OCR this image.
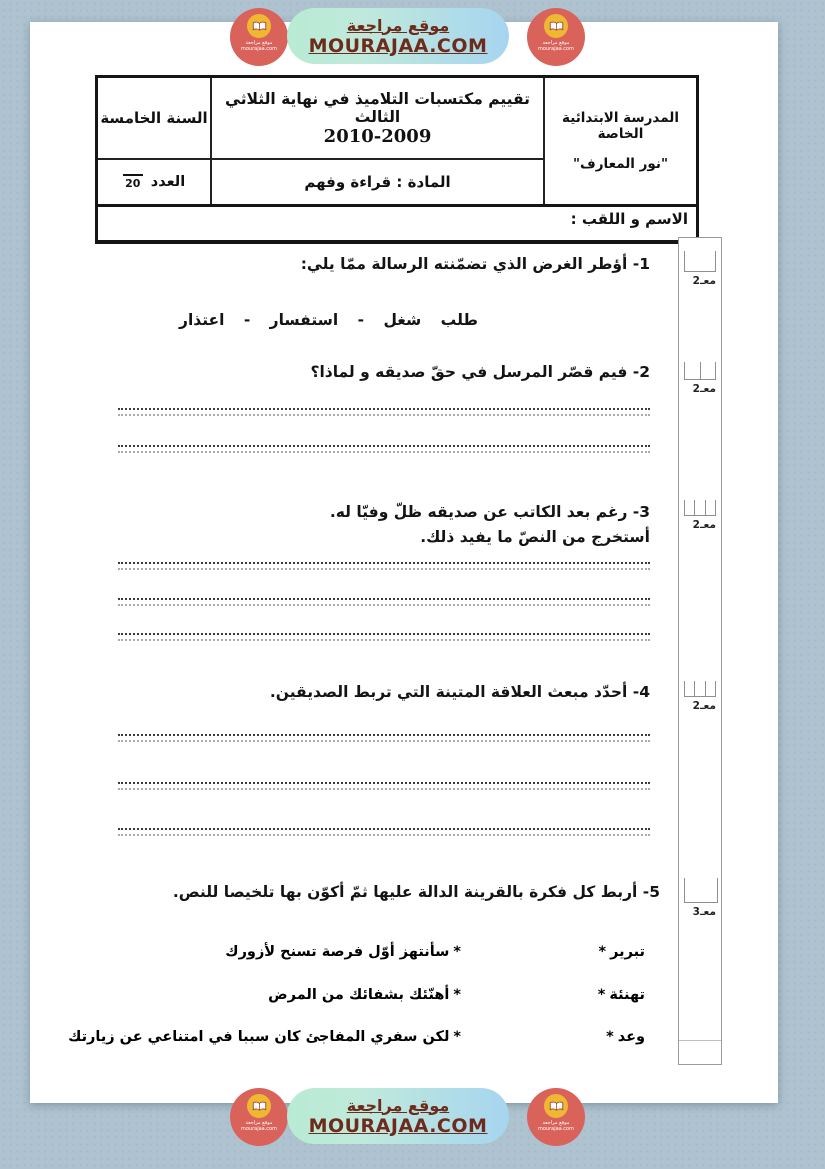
موقع مراجعة
mourajaa.com
موقع مراجعة
MOURAJAA.COM	موقع مراجعة
mourajaa.com
المدرسة الابتدائية الخاصة
"نور المعارف"
تقييم مكتسبات التلاميذ في نهاية الثلاثي الثالث
2010-2009
المادة : قراءة وفهم
السنة الخامسة
العدد
20
الاسم و اللقب :
1- أؤطر الغرض الذي تضمّنته الرسالة ممّا يلي:
طلب شغل - استفسار - اعتذار
2- فيم قصّر المرسل في حقّ صديقه و لماذا؟
3- رغم بعد الكاتب عن صديقه ظلّ وفيّا له.
أستخرج من النصّ ما يفيد ذلك.
4- أحدّد مبعث العلاقة المتينة التي تربط الصديقين.
5- أربط كل فكرة بالقرينة الدالة عليها ثمّ أكوّن بها تلخيصا للنص.
تبرير*
*سأنتهز أوّل فرصة تسنح لأزورك
تهنئة*
*أهنّئك بشفائك من المرض
وعد*
*لكن سفري المفاجئ كان سببا في امتناعي عن زيارتك
معـ2
معـ2
معـ2
معـ2
معـ3
موقع مراجعة
mourajaa.com
موقع مراجعة
MOURAJAA.COM	موقع مراجعة
mourajaa.com
